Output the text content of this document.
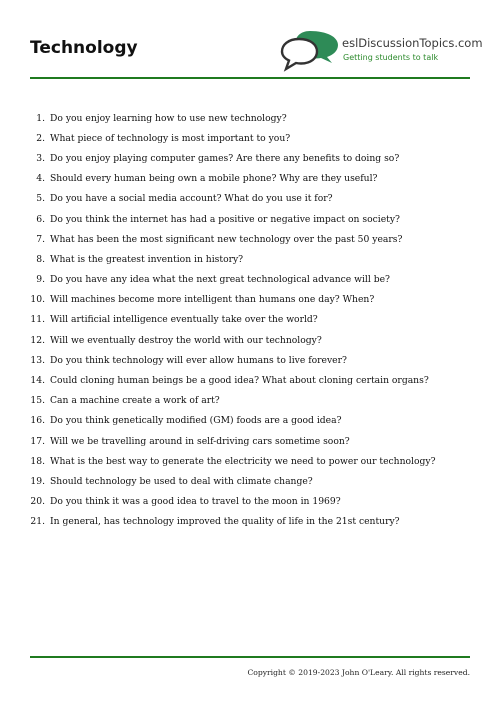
Technology	eslDiscussionTopics.com
Getting students to talk
1. Do you enjoy learning how to use new technology?
2. What piece of technology is most important to you?
3. Do you enjoy playing computer games? Are there any benefits to doing so?
4. Should every human being own a mobile phone? Why are they useful?
5. Do you have a social media account? What do you use it for?
6. Do you think the internet has had a positive or negative impact on society?
7. What has been the most significant new technology over the past 50 years?
8. What is the greatest invention in history?
9. Do you have any idea what the next great technological advance will be?
10. Will machines become more intelligent than humans one day? When?
11. Will artificial intelligence eventually take over the world?
12. Will we eventually destroy the world with our technology?
13. Do you think technology will ever allow humans to live forever?
14. Could cloning human beings be a good idea? What about cloning certain organs?
15. Can a machine create a work of art?
16. Do you think genetically modified (GM) foods are a good idea?
17. Will we be travelling around in self-driving cars sometime soon?
18. What is the best way to generate the electricity we need to power our technology?
19. Should technology be used to deal with climate change?
20. Do you think it was a good idea to travel to the moon in 1969?
21. In general, has technology improved the quality of life in the 21st century?
Copyright © 2019-2023 John O'Leary. All rights reserved.
